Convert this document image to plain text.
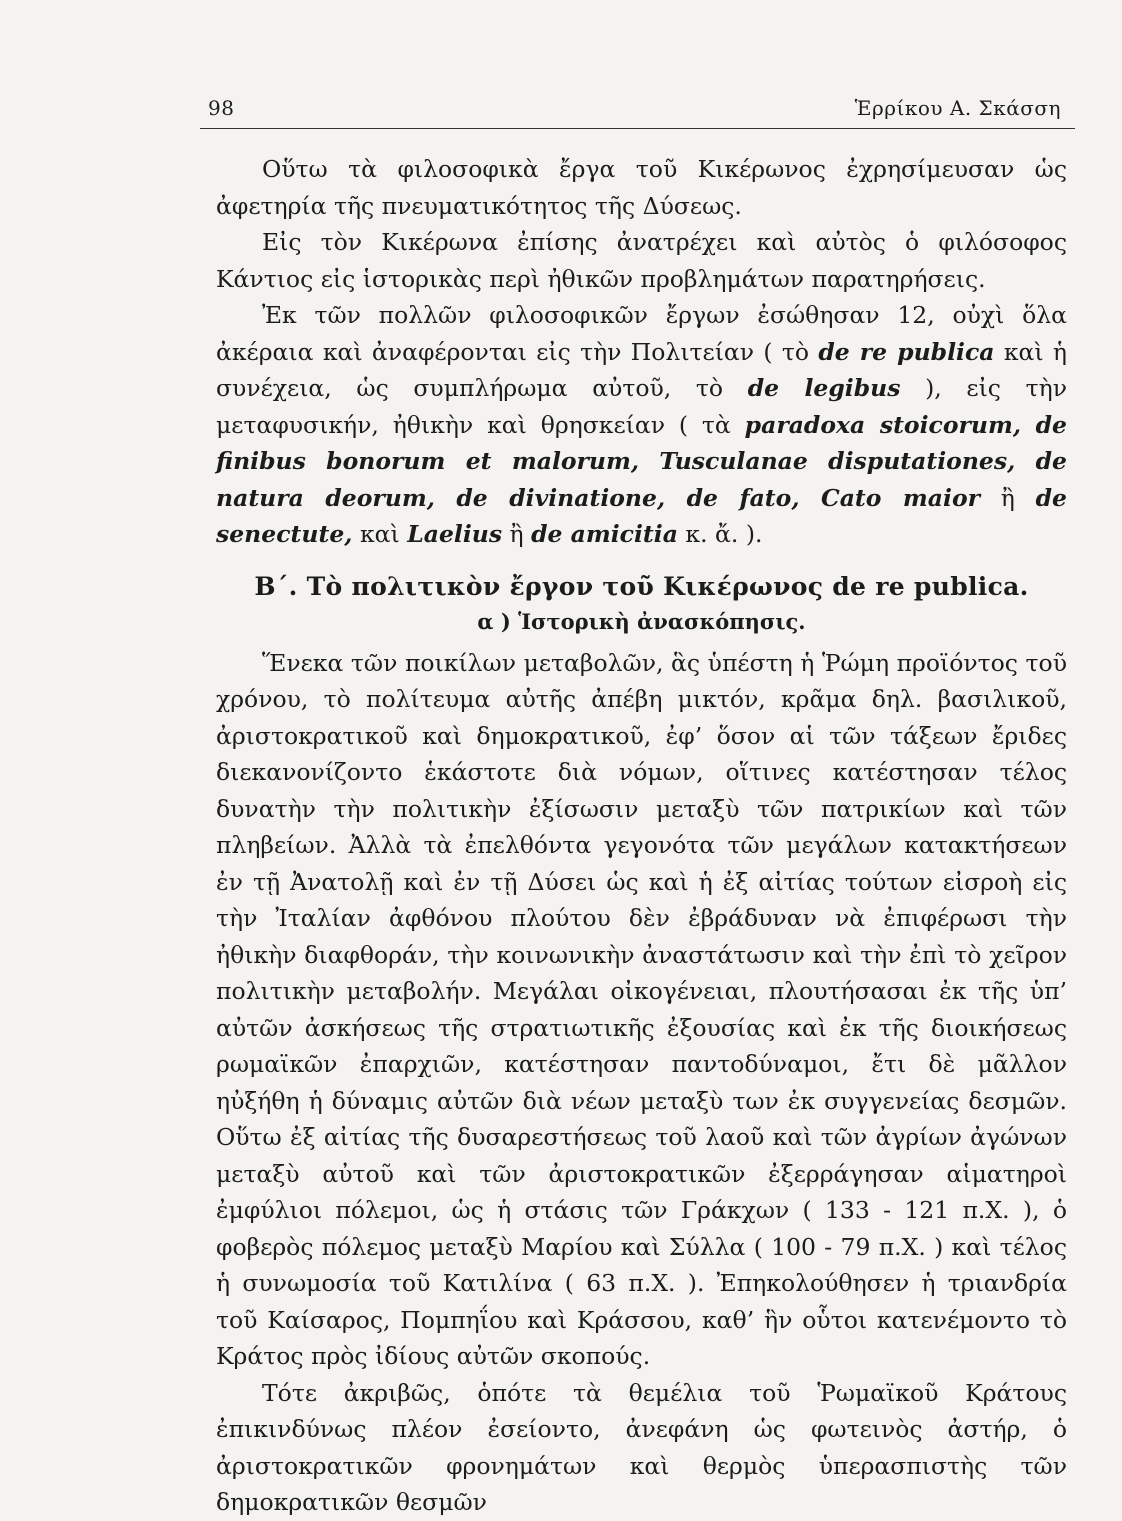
98	Ἑρρίκου Α. Σκάσση

Οὕτω τὰ φιλοσοφικὰ ἔργα τοῦ Κικέρωνος ἐχρησίμευσαν ὡς ἀφετηρία τῆς πνευματικότητος τῆς Δύσεως.

Εἰς τὸν Κικέρωνα ἐπίσης ἀνατρέχει καὶ αὐτὸς ὁ φιλόσοφος Κάντιος εἰς ἱστορικὰς περὶ ἠθικῶν προβλημάτων παρατηρήσεις.

Ἐκ τῶν πολλῶν φιλοσοφικῶν ἔργων ἐσώθησαν 12, οὐχὶ ὅλα ἀκέραια καὶ ἀναφέρονται εἰς τὴν Πολιτείαν ( τὸ de re publica καὶ ἡ συνέχεια, ὡς συμπλήρωμα αὐτοῦ, τὸ de legibus ), εἰς τὴν μεταφυσικήν, ἠθικὴν καὶ θρησκείαν ( τὰ paradoxa stoicorum, de finibus bonorum et malorum, Tusculanae disputationes, de natura deorum, de divinatione, de fato, Cato maior ἢ de senectute, καὶ Laelius ἢ de amicitia κ. ἄ. ).

Β΄. Τὸ πολιτικὸν ἔργον τοῦ Κικέρωνος de re publica.
α ) Ἱστορικὴ ἀνασκόπησις.

Ἕνεκα τῶν ποικίλων μεταβολῶν, ἃς ὑπέστη ἡ Ῥώμη προϊόντος τοῦ χρόνου, τὸ πολίτευμα αὐτῆς ἀπέβη μικτόν, κρᾶμα δηλ. βασιλικοῦ, ἀριστοκρατικοῦ καὶ δημοκρατικοῦ, ἐφ’ ὅσον αἱ τῶν τάξεων ἔριδες διεκανονίζοντο ἑκάστοτε διὰ νόμων, οἵτινες κατέστησαν τέλος δυνατὴν τὴν πολιτικὴν ἐξίσωσιν μεταξὺ τῶν πατρικίων καὶ τῶν πληβείων. Ἀλλὰ τὰ ἐπελθόντα γεγονότα τῶν μεγάλων κατακτήσεων ἐν τῇ Ἀνατολῇ καὶ ἐν τῇ Δύσει ὡς καὶ ἡ ἐξ αἰτίας τούτων εἰσροὴ εἰς τὴν Ἰταλίαν ἀφθόνου πλούτου δὲν ἐβράδυναν νὰ ἐπιφέρωσι τὴν ἠθικὴν διαφθοράν, τὴν κοινωνικὴν ἀναστάτωσιν καὶ τὴν ἐπὶ τὸ χεῖρον πολιτικὴν μεταβολήν. Μεγάλαι οἰκογένειαι, πλουτήσασαι ἐκ τῆς ὑπ’ αὐτῶν ἀσκήσεως τῆς στρατιωτικῆς ἐξουσίας καὶ ἐκ τῆς διοικήσεως ρωμαϊκῶν ἐπαρχιῶν, κατέστησαν παντοδύναμοι, ἔτι δὲ μᾶλλον ηὐξήθη ἡ δύναμις αὐτῶν διὰ νέων μεταξὺ των ἐκ συγγενείας δεσμῶν. Οὕτω ἐξ αἰτίας τῆς δυσαρεστήσεως τοῦ λαοῦ καὶ τῶν ἀγρίων ἀγώνων μεταξὺ αὐτοῦ καὶ τῶν ἀριστοκρατικῶν ἐξερράγησαν αἱματηροὶ ἐμφύλιοι πόλεμοι, ὡς ἡ στάσις τῶν Γράκχων ( 133 - 121 π.Χ. ), ὁ φοβερὸς πόλεμος μεταξὺ Μαρίου καὶ Σύλλα ( 100 - 79 π.Χ. ) καὶ τέλος ἡ συνωμοσία τοῦ Κατιλίνα ( 63 π.Χ. ). Ἐπηκολούθησεν ἡ τριανδρία τοῦ Καίσαρος, Πομπηΐου καὶ Κράσσου, καθ’ ἣν οὗτοι κατενέμοντο τὸ Κράτος πρὸς ἰδίους αὐτῶν σκοπούς.

Τότε ἀκριβῶς, ὁπότε τὰ θεμέλια τοῦ Ῥωμαϊκοῦ Κράτους ἐπικινδύνως πλέον ἐσείοντο, ἀνεφάνη ὡς φωτεινὸς ἀστήρ, ὁ ἀριστοκρατικῶν φρονημάτων καὶ θερμὸς ὑπερασπιστὴς τῶν δημοκρατικῶν θεσμῶν
